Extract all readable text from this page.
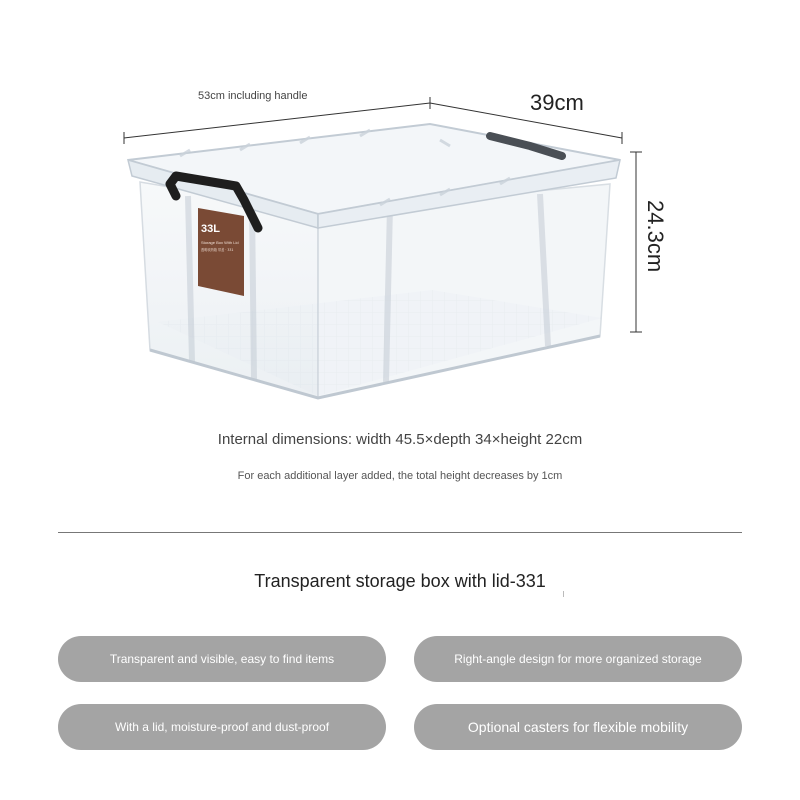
33L
Storage Box With Lid
透明收纳箱 带盖 · 331
53cm including handle	39cm
24.3cm
Internal dimensions: width 45.5×depth 34×height 22cm
For each additional layer added, the total height decreases by 1cm
Transparent storage box with lid-331
Transparent and visible, easy to find items	Right-angle design for more organized storage
With a lid, moisture-proof and dust-proof	Optional casters for flexible mobility
